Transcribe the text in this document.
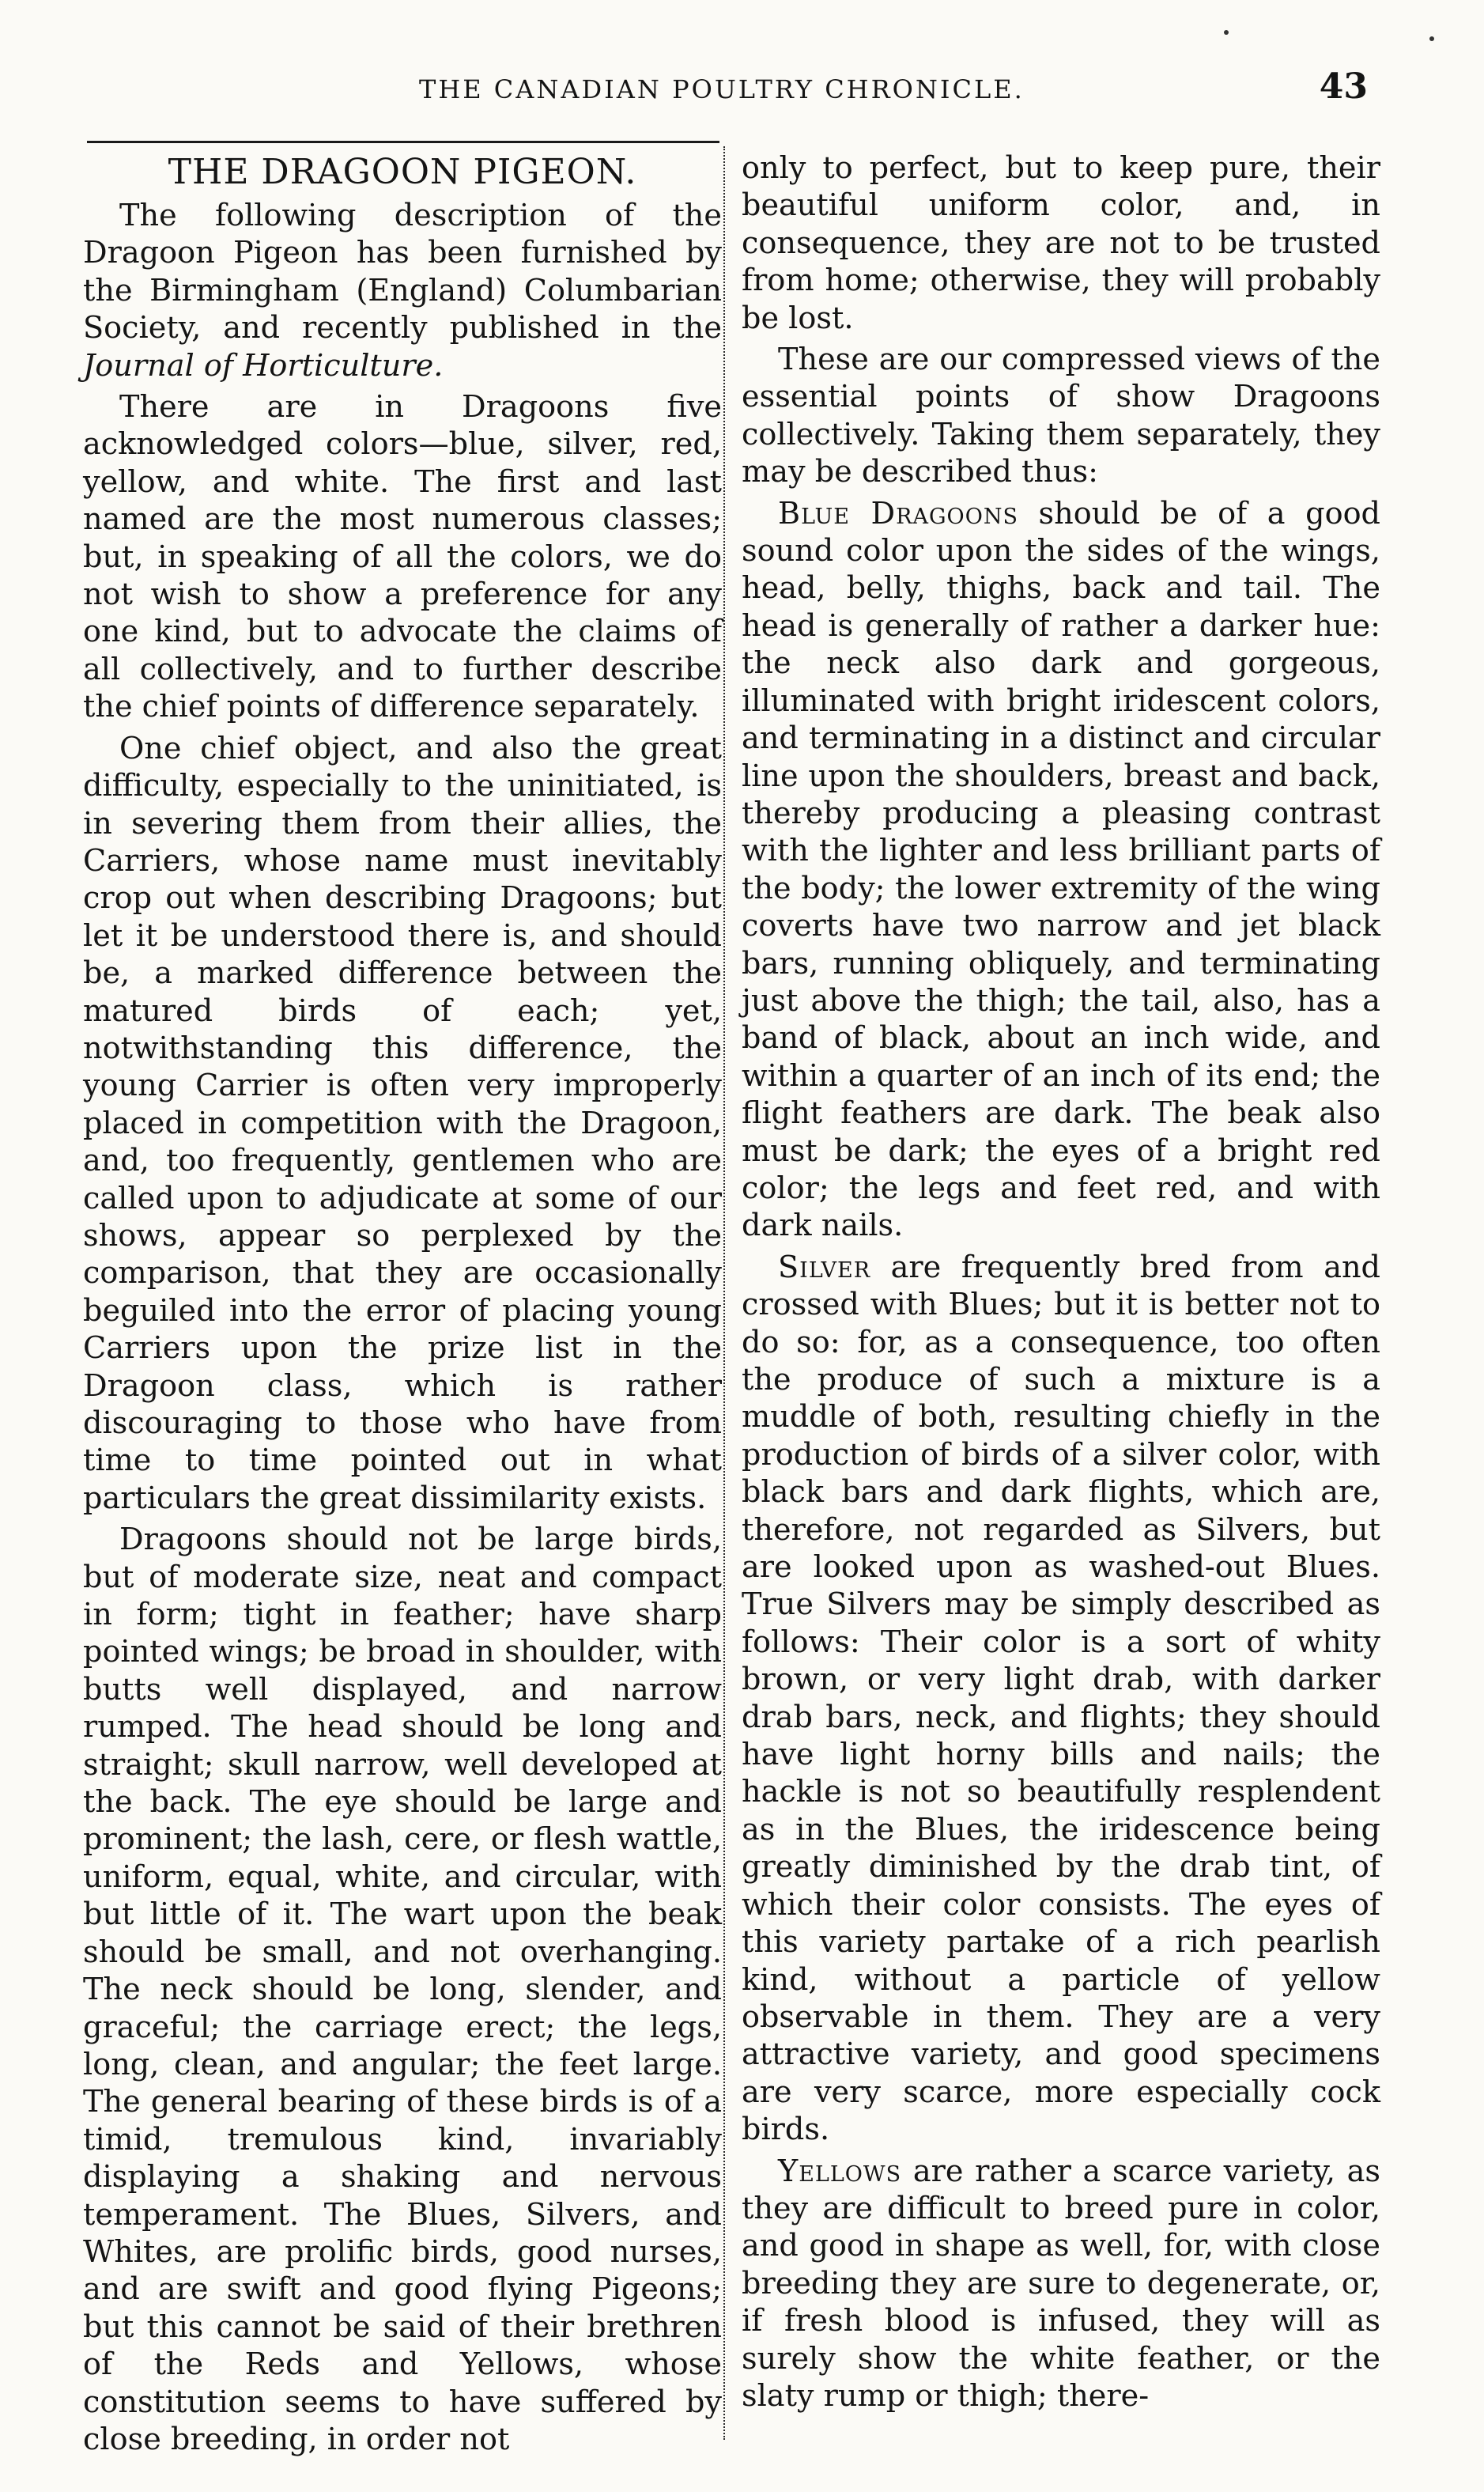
THE CANADIAN POULTRY CHRONICLE.	43
THE DRAGOON PIGEON.

The following description of the Dragoon Pigeon has been furnished by the Birmingham (England) Columbarian Society, and recently published in the Journal of Horticulture.

There are in Dragoons five acknowledged colors—blue, silver, red, yellow, and white. The first and last named are the most numerous classes; but, in speaking of all the colors, we do not wish to show a preference for any one kind, but to advocate the claims of all collectively, and to further describe the chief points of difference separately.

One chief object, and also the great difficulty, especially to the uninitiated, is in severing them from their allies, the Carriers, whose name must inevitably crop out when describing Dragoons; but let it be understood there is, and should be, a marked difference between the matured birds of each; yet, notwithstanding this difference, the young Carrier is often very improperly placed in competition with the Dragoon, and, too frequently, gentlemen who are called upon to adjudicate at some of our shows, appear so perplexed by the comparison, that they are occasionally beguiled into the error of placing young Carriers upon the prize list in the Dragoon class, which is rather discouraging to those who have from time to time pointed out in what particulars the great dissimilarity exists.

Dragoons should not be large birds, but of moderate size, neat and compact in form; tight in feather; have sharp pointed wings; be broad in shoulder, with butts well displayed, and narrow rumped. The head should be long and straight; skull narrow, well developed at the back. The eye should be large and prominent; the lash, cere, or flesh wattle, uniform, equal, white, and circular, with but little of it. The wart upon the beak should be small, and not overhanging. The neck should be long, slender, and graceful; the carriage erect; the legs, long, clean, and angular; the feet large. The general bearing of these birds is of a timid, tremulous kind, invariably displaying a shaking and nervous temperament. The Blues, Silvers, and Whites, are prolific birds, good nurses, and are swift and good flying Pigeons; but this cannot be said of their brethren of the Reds and Yellows, whose constitution seems to have suffered by close breeding, in order not

only to perfect, but to keep pure, their beautiful uniform color, and, in consequence, they are not to be trusted from home; otherwise, they will probably be lost.

These are our compressed views of the essential points of show Dragoons collectively. Taking them separately, they may be described thus:

Blue Dragoons should be of a good sound color upon the sides of the wings, head, belly, thighs, back and tail. The head is generally of rather a darker hue: the neck also dark and gorgeous, illuminated with bright iridescent colors, and terminating in a distinct and circular line upon the shoulders, breast and back, thereby producing a pleasing contrast with the lighter and less brilliant parts of the body; the lower extremity of the wing coverts have two narrow and jet black bars, running obliquely, and terminating just above the thigh; the tail, also, has a band of black, about an inch wide, and within a quarter of an inch of its end; the flight feathers are dark. The beak also must be dark; the eyes of a bright red color; the legs and feet red, and with dark nails.

Silver are frequently bred from and crossed with Blues; but it is better not to do so: for, as a consequence, too often the produce of such a mixture is a muddle of both, resulting chiefly in the production of birds of a silver color, with black bars and dark flights, which are, therefore, not regarded as Silvers, but are looked upon as washed-out Blues. True Silvers may be simply described as follows: Their color is a sort of whity brown, or very light drab, with darker drab bars, neck, and flights; they should have light horny bills and nails; the hackle is not so beautifully resplendent as in the Blues, the iridescence being greatly diminished by the drab tint, of which their color consists. The eyes of this variety partake of a rich pearlish kind, without a particle of yellow observable in them. They are a very attractive variety, and good specimens are very scarce, more especially cock birds.

Yellows are rather a scarce variety, as they are difficult to breed pure in color, and good in shape as well, for, with close breeding they are sure to degenerate, or, if fresh blood is infused, they will as surely show the white feather, or the slaty rump or thigh; there-
